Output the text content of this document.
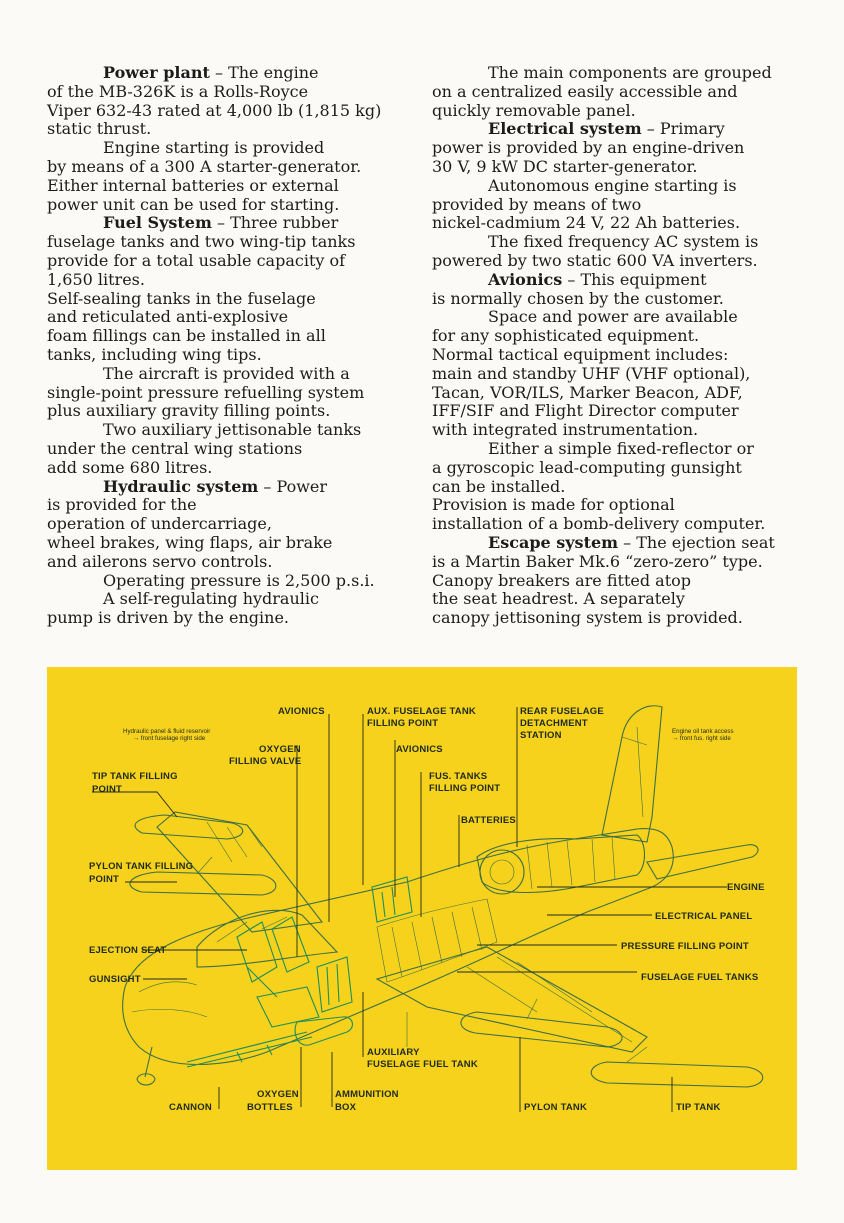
Power plant – The engine

of the MB-326K is a Rolls-Royce

Viper 632-43 rated at 4,000 lb (1,815 kg)

static thrust.

Engine starting is provided

by means of a 300 A starter-generator.

Either internal batteries or external

power unit can be used for starting.

Fuel System – Three rubber

fuselage tanks and two wing-tip tanks

provide for a total usable capacity of

1,650 litres.

Self-sealing tanks in the fuselage

and reticulated anti-explosive

foam fillings can be installed in all

tanks, including wing tips.

The aircraft is provided with a

single-point pressure refuelling system

plus auxiliary gravity filling points.

Two auxiliary jettisonable tanks

under the central wing stations

add some 680 litres.

Hydraulic system – Power

is provided for the

operation of undercarriage,

wheel brakes, wing flaps, air brake

and ailerons servo controls.

Operating pressure is 2,500 p.s.i.

A self-regulating hydraulic

pump is driven by the engine.

The main components are grouped

on a centralized easily accessible and

quickly removable panel.

Electrical system – Primary

power is provided by an engine-driven

30 V, 9 kW DC starter-generator.

Autonomous engine starting is

provided by means of two

nickel-cadmium 24 V, 22 Ah batteries.

The fixed frequency AC system is

powered by two static 600 VA inverters.

Avionics – This equipment

is normally chosen by the customer.

Space and power are available

for any sophisticated equipment.

Normal tactical equipment includes:

main and standby UHF (VHF optional),

Tacan, VOR/ILS, Marker Beacon, ADF,

IFF/SIF and Flight Director computer

with integrated instrumentation.

Either a simple fixed-reflector or

a gyroscopic lead-computing gunsight

can be installed.

Provision is made for optional

installation of a bomb-delivery computer.

Escape system – The ejection seat

is a Martin Baker Mk.6 “zero-zero” type.

Canopy breakers are fitted atop

the seat headrest. A separately

canopy jettisoning system is provided.

AVIONICS	AUX. FUSELAGE TANK
FILLING POINT
REAR FUSELAGE
DETACHMENT
STATION
Hydraulic panel & fluid reservoir
→ front fuselage right side
Engine oil tank access
→ front fus. right side
OXYGEN
FILLING VALVE
AVIONICS
TIP TANK FILLING
POINT
FUS. TANKS
FILLING POINT
BATTERIES
PYLON TANK FILLING
POINT
ENGINE
ELECTRICAL PANEL
EJECTION SEAT	PRESSURE FILLING POINT
GUNSIGHT	FUSELAGE FUEL TANKS
AUXILIARY
FUSELAGE FUEL TANK
OXYGEN
BOTTLES
AMMUNITION
BOX
CANNON	PYLON TANK	TIP TANK
